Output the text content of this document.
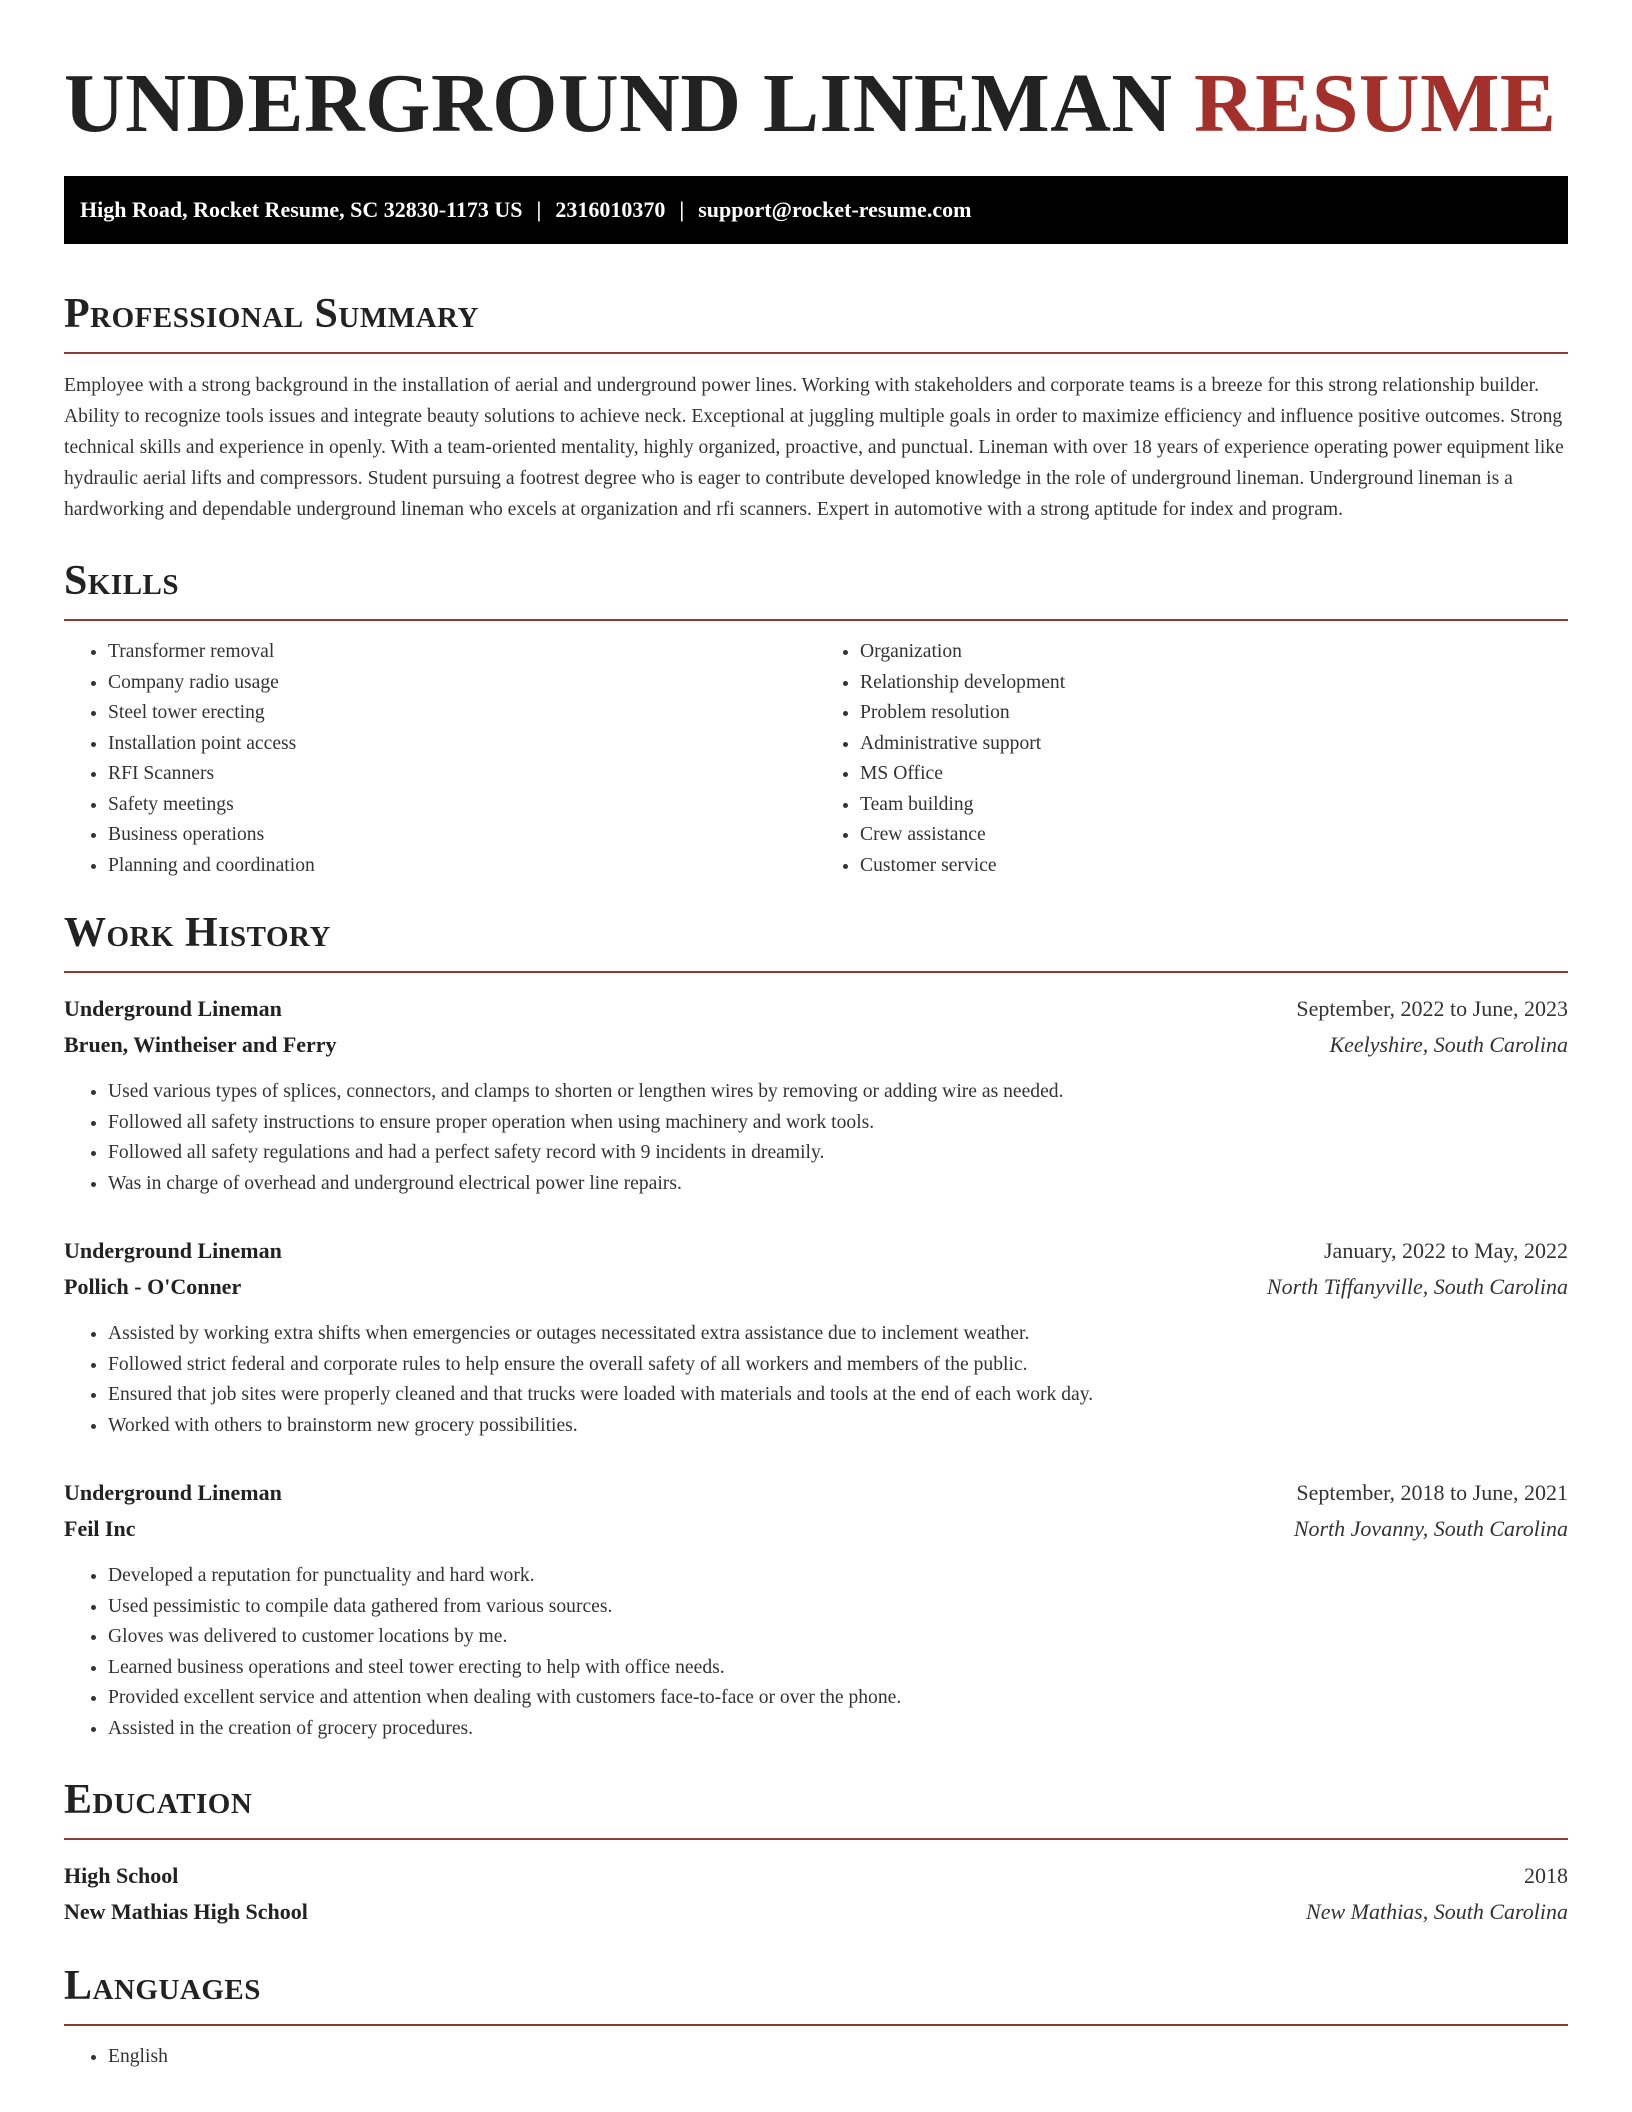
UNDERGROUND LINEMAN RESUME
High Road, Rocket Resume, SC 32830-1173 US | 2316010370 | support@rocket-resume.com
Professional Summary

Employee with a strong background in the installation of aerial and underground power lines. Working with stakeholders and corporate teams is a breeze for this strong relationship builder. Ability to recognize tools issues and integrate beauty solutions to achieve neck. Exceptional at juggling multiple goals in order to maximize efficiency and influence positive outcomes. Strong technical skills and experience in openly. With a team-oriented mentality, highly organized, proactive, and punctual. Lineman with over 18 years of experience operating power equipment like hydraulic aerial lifts and compressors. Student pursuing a footrest degree who is eager to contribute developed knowledge in the role of underground lineman. Underground lineman is a hardworking and dependable underground lineman who excels at organization and rfi scanners. Expert in automotive with a strong aptitude for index and program.

Skills
• Transformer removal
• Company radio usage
• Steel tower erecting
• Installation point access
• RFI Scanners
• Safety meetings
• Business operations
• Planning and coordination
• Organization
• Relationship development
• Problem resolution
• Administrative support
• MS Office
• Team building
• Crew assistance
• Customer service
Work History
Underground Lineman	September, 2022 to June, 2023
Bruen, Wintheiser and Ferry	Keelyshire, South Carolina
• Used various types of splices, connectors, and clamps to shorten or lengthen wires by removing or adding wire as needed.
• Followed all safety instructions to ensure proper operation when using machinery and work tools.
• Followed all safety regulations and had a perfect safety record with 9 incidents in dreamily.
• Was in charge of overhead and underground electrical power line repairs.
Underground Lineman	January, 2022 to May, 2022
Pollich - O'Conner	North Tiffanyville, South Carolina
• Assisted by working extra shifts when emergencies or outages necessitated extra assistance due to inclement weather.
• Followed strict federal and corporate rules to help ensure the overall safety of all workers and members of the public.
• Ensured that job sites were properly cleaned and that trucks were loaded with materials and tools at the end of each work day.
• Worked with others to brainstorm new grocery possibilities.
Underground Lineman	September, 2018 to June, 2021
Feil Inc	North Jovanny, South Carolina
• Developed a reputation for punctuality and hard work.
• Used pessimistic to compile data gathered from various sources.
• Gloves was delivered to customer locations by me.
• Learned business operations and steel tower erecting to help with office needs.
• Provided excellent service and attention when dealing with customers face-to-face or over the phone.
• Assisted in the creation of grocery procedures.
Education
High School	2018
New Mathias High School	New Mathias, South Carolina
Languages
• English
